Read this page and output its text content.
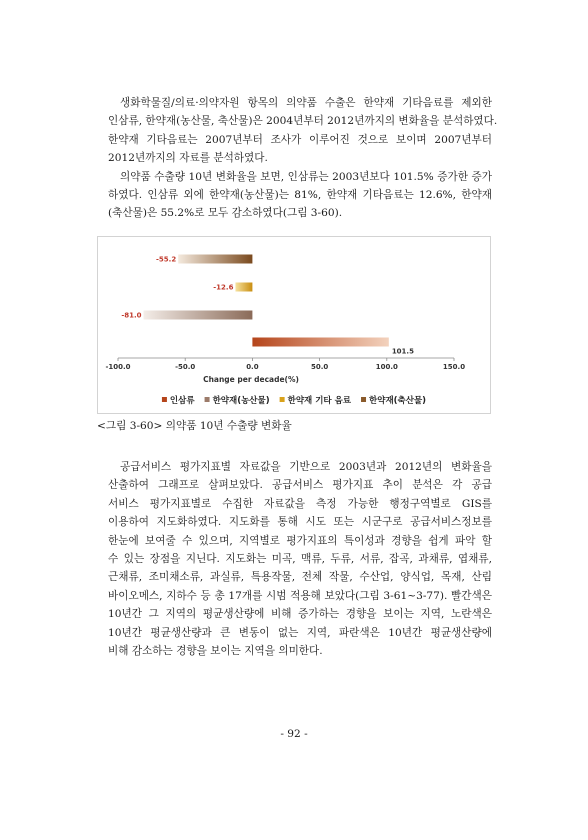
생화학물질/의료·의약자원 항목의 의약품 수출은 한약재 기타음료를 제외한
인삼류, 한약재(농산물, 축산물)은 2004년부터 2012년까지의 변화율을 분석하였다.
한약재 기타음료는 2007년부터 조사가 이루어진 것으로 보이며 2007년부터
2012년까지의 자료를 분석하였다.
의약품 수출량 10년 변화율을 보면, 인삼류는 2003년보다 101.5% 증가한 증가
하였다. 인삼류 외에 한약재(농산물)는 81%, 한약재 기타음료는 12.6%, 한약재
(축산물)은 55.2%로 모두 감소하였다(그림 3-60).
-55.2
-12.6
-81.0
101.5
-100.0	-50.0	0.0	50.0	100.0	150.0
Change per decade(%)
인삼류 한약재(농산물) 한약재 기타 음료 한약재(축산물)

<그림 3-60> 의약품 10년 수출량 변화율

공급서비스 평가지표별 자료값을 기반으로 2003년과 2012년의 변화율을
산출하여 그래프로 살펴보았다. 공급서비스 평가지표 추이 분석은 각 공급
서비스 평가지표별로 수집한 자료값을 측정 가능한 행정구역별로 GIS를
이용하여 지도화하였다. 지도화를 통해 시도 또는 시군구로 공급서비스정보를
한눈에 보여줄 수 있으며, 지역별로 평가지표의 특이성과 경향을 쉽게 파악 할
수 있는 장점을 지닌다. 지도화는 미곡, 맥류, 두류, 서류, 잡곡, 과채류, 엽채류,
근채류, 조미채소류, 과실류, 특용작물, 전체 작물, 수산업, 양식업, 목재, 산림
바이오메스, 지하수 등 총 17개를 시범 적용해 보았다(그림 3-61~3-77). 빨간색은
10년간 그 지역의 평균생산량에 비해 증가하는 경향을 보이는 지역, 노란색은
10년간 평균생산량과 큰 변동이 없는 지역, 파란색은 10년간 평균생산량에
비해 감소하는 경향을 보이는 지역을 의미한다.
- 92 -
